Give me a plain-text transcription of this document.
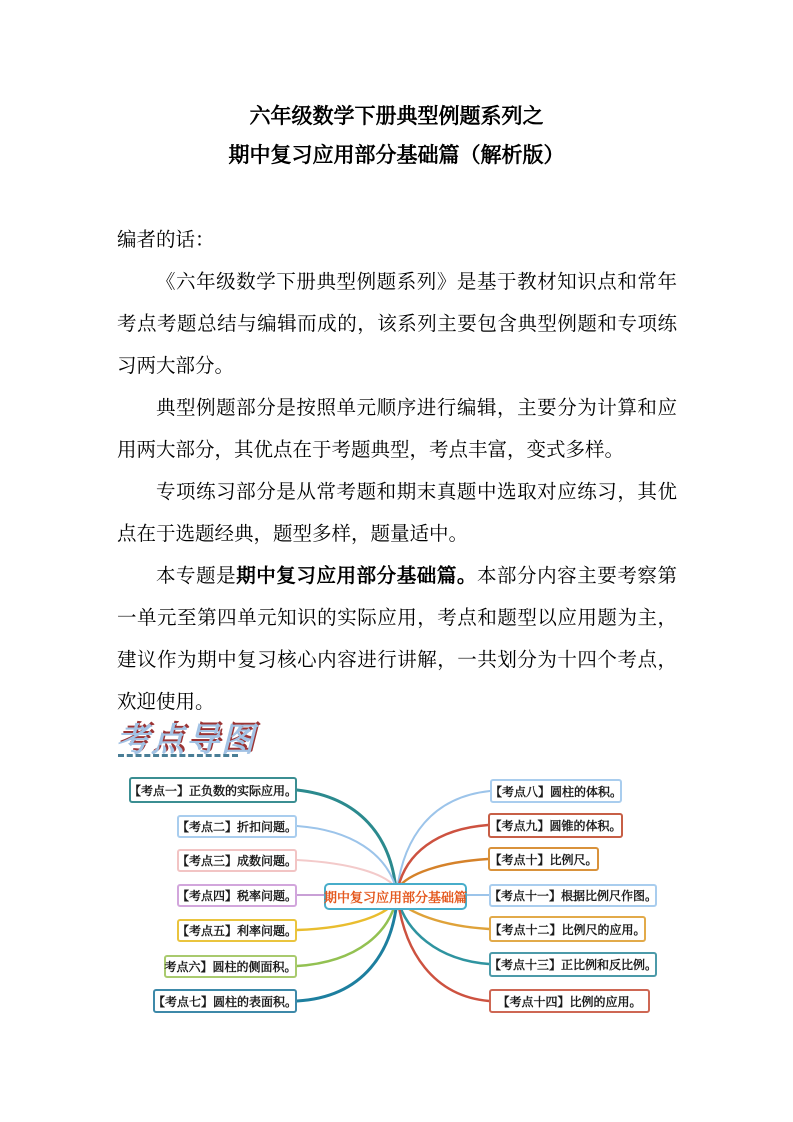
六年级数学下册典型例题系列之
期中复习应用部分基础篇（解析版）

编者的话：

《六年级数学下册典型例题系列》是基于教材知识点和常年考点考题总结与编辑而成的，该系列主要包含典型例题和专项练习两大部分。

典型例题部分是按照单元顺序进行编辑，主要分为计算和应用两大部分，其优点在于考题典型，考点丰富，变式多样。

专项练习部分是从常考题和期末真题中选取对应练习，其优点在于选题经典，题型多样，题量适中。

本专题是期中复习应用部分基础篇。本部分内容主要考察第一单元至第四单元知识的实际应用，考点和题型以应用题为主，建议作为期中复习核心内容进行讲解，一共划分为十四个考点，欢迎使用。

考点导图
【考点一】正负数的实际应用。
【考点二】折扣问题。
【考点三】成数问题。
【考点四】税率问题。
【考点五】利率问题。
考点六】圆柱的侧面积。
【考点七】圆柱的表面积。
【考点八】圆柱的体积。
【考点九】圆锥的体积。
【考点十】比例尺。
【考点十一】根据比例尺作图。
【考点十二】比例尺的应用。
【考点十三】正比例和反比例。
【考点十四】比例的应用。
期中复习应用部分基础篇
